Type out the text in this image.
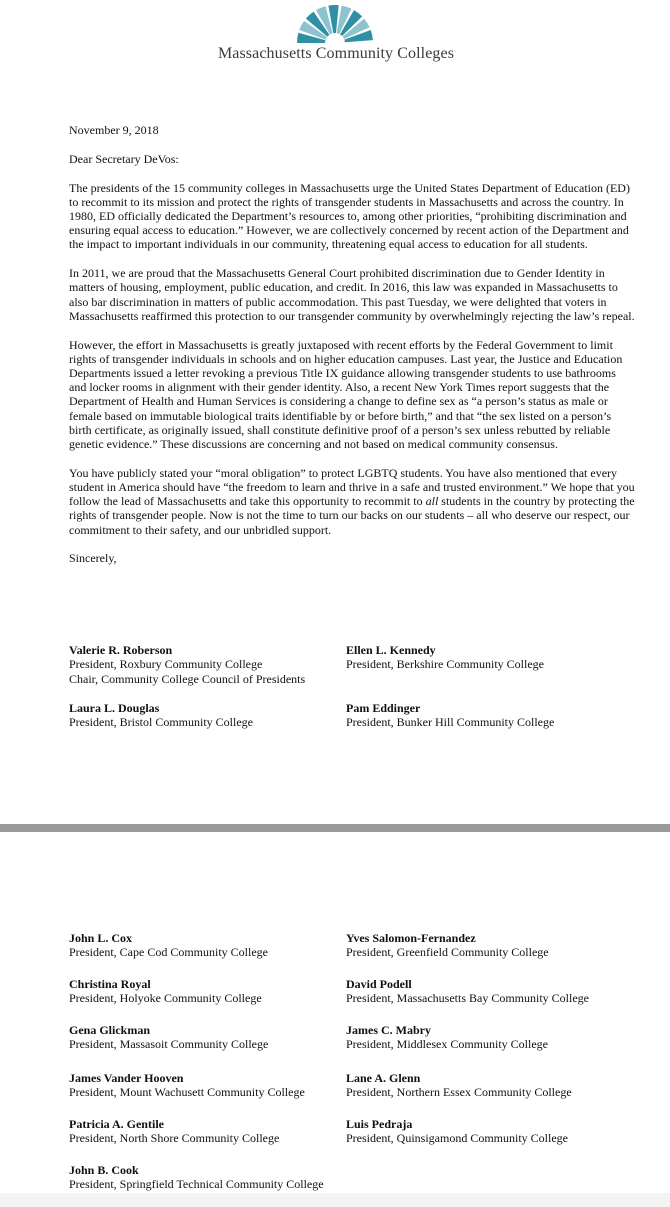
Massachusetts Community Colleges

November 9, 2018

Dear Secretary DeVos:

The presidents of the 15 community colleges in Massachusetts urge the United States Department of Education (ED) to recommit to its mission and protect the rights of transgender students in Massachusetts and across the country. In 1980, ED officially dedicated the Department’s resources to, among other priorities, “prohibiting discrimination and ensuring equal access to education.” However, we are collectively concerned by recent action of the Department and the impact to important individuals in our community, threatening equal access to education for all students.

In 2011, we are proud that the Massachusetts General Court prohibited discrimination due to Gender Identity in matters of housing, employment, public education, and credit. In 2016, this law was expanded in Massachusetts to also bar discrimination in matters of public accommodation. This past Tuesday, we were delighted that voters in Massachusetts reaffirmed this protection to our transgender community by overwhelmingly rejecting the law’s repeal.

However, the effort in Massachusetts is greatly juxtaposed with recent efforts by the Federal Government to limit rights of transgender individuals in schools and on higher education campuses. Last year, the Justice and Education Departments issued a letter revoking a previous Title IX guidance allowing transgender students to use bathrooms and locker rooms in alignment with their gender identity. Also, a recent New York Times report suggests that the Department of Health and Human Services is considering a change to define sex as “a person’s status as male or female based on immutable biological traits identifiable by or before birth,” and that “the sex listed on a person’s birth certificate, as originally issued, shall constitute definitive proof of a person’s sex unless rebutted by reliable genetic evidence.” These discussions are concerning and not based on medical community consensus.

You have publicly stated your “moral obligation” to protect LGBTQ students. You have also mentioned that every student in America should have “the freedom to learn and thrive in a safe and trusted environment.” We hope that you follow the lead of Massachusetts and take this opportunity to recommit to all students in the country by protecting the rights of transgender people. Now is not the time to turn our backs on our students – all who deserve our respect, our commitment to their safety, and our unbridled support.

Sincerely,

Valerie R. Roberson
President, Roxbury Community College
Chair, Community College Council of Presidents
Ellen L. Kennedy
President, Berkshire Community College
Laura L. Douglas
President, Bristol Community College
Pam Eddinger
President, Bunker Hill Community College
John L. Cox
President, Cape Cod Community College
Yves Salomon-Fernandez
President, Greenfield Community College
Christina Royal
President, Holyoke Community College
David Podell
President, Massachusetts Bay Community College
Gena Glickman
President, Massasoit Community College
James C. Mabry
President, Middlesex Community College
James Vander Hooven
President, Mount Wachusett Community College
Lane A. Glenn
President, Northern Essex Community College
Patricia A. Gentile
President, North Shore Community College
Luis Pedraja
President, Quinsigamond Community College
John B. Cook
President, Springfield Technical Community College
